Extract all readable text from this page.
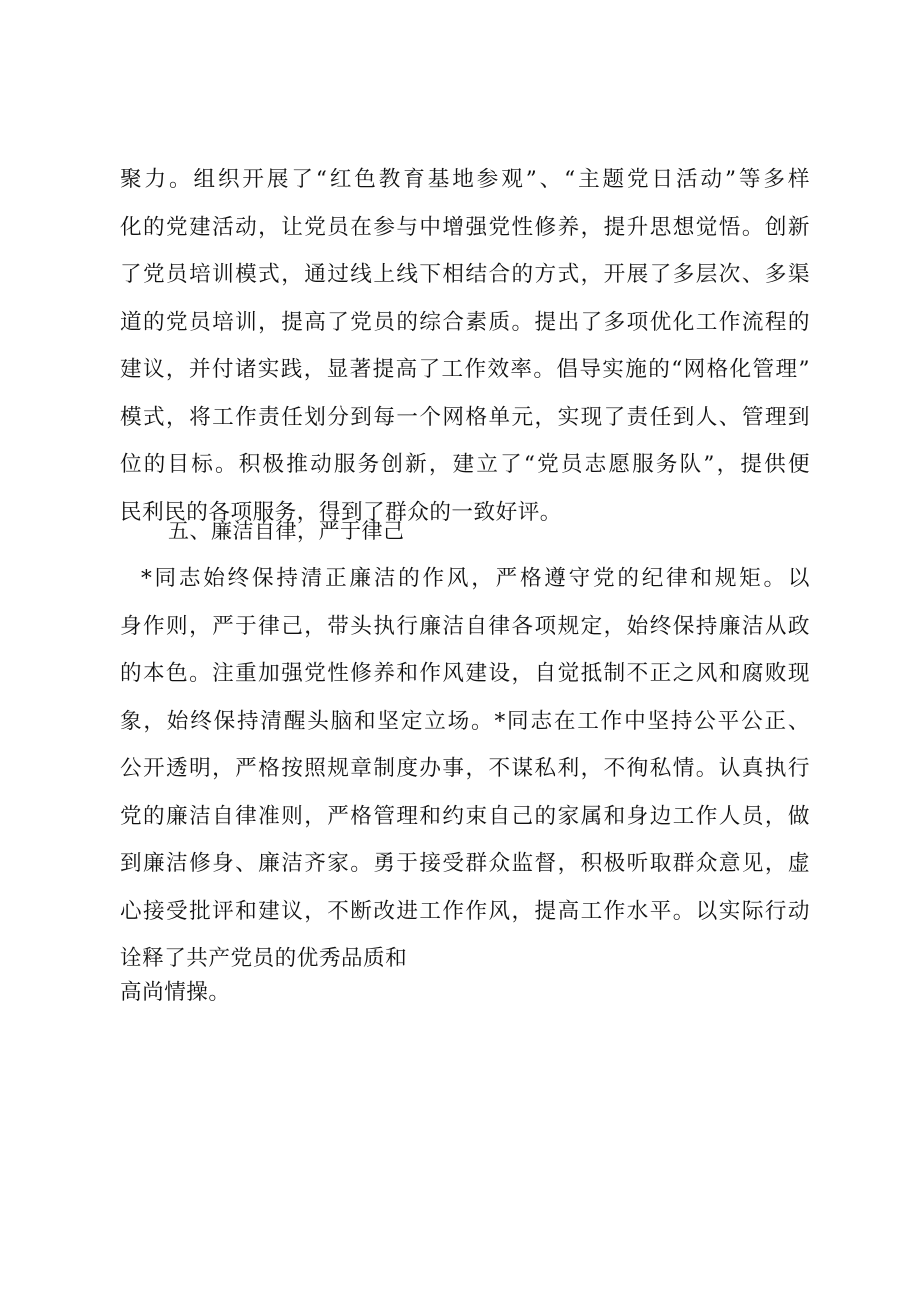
聚力。组织开展了“红色教育基地参观”、“主题党日活动”等多样
化的党建活动，让党员在参与中增强党性修养，提升思想觉悟。创新
了党员培训模式，通过线上线下相结合的方式，开展了多层次、多渠
道的党员培训，提高了党员的综合素质。提出了多项优化工作流程的
建议，并付诸实践，显著提高了工作效率。倡导实施的“网格化管理”
模式，将工作责任划分到每一个网格单元，实现了责任到人、管理到
位的目标。积极推动服务创新，建立了“党员志愿服务队”，提供便
民利民的各项服务，得到了群众的一致好评。
五、廉洁自律，严于律己
*同志始终保持清正廉洁的作风，严格遵守党的纪律和规矩。以
身作则，严于律己，带头执行廉洁自律各项规定，始终保持廉洁从政
的本色。注重加强党性修养和作风建设，自觉抵制不正之风和腐败现
象，始终保持清醒头脑和坚定立场。*同志在工作中坚持公平公正、
公开透明，严格按照规章制度办事，不谋私利，不徇私情。认真执行
党的廉洁自律准则，严格管理和约束自己的家属和身边工作人员，做
到廉洁修身、廉洁齐家。勇于接受群众监督，积极听取群众意见，虚
心接受批评和建议，不断改进工作作风，提高工作水平。以实际行动
诠释了共产党员的优秀品质和
高尚情操。
